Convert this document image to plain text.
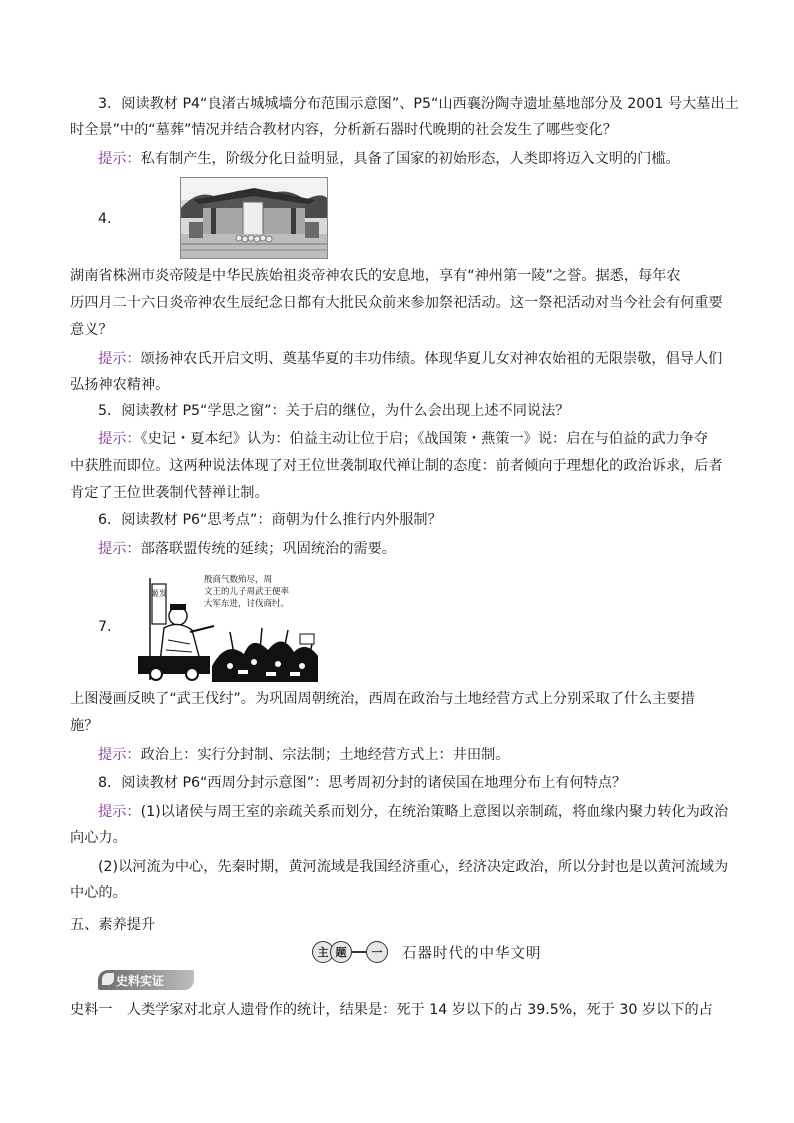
3．阅读教材 P4“良渚古城城墙分布范围示意图”、P5“山西襄汾陶寺遗址墓地部分及 2001 号大墓出土

时全景”中的“墓葬”情况并结合教材内容，分析新石器时代晚期的社会发生了哪些变化？

提示：私有制产生，阶级分化日益明显，具备了国家的初始形态，人类即将迈入文明的门槛。

4.

湖南省株洲市炎帝陵是中华民族始祖炎帝神农氏的安息地，享有“神州第一陵”之誉。据悉，每年农

历四月二十六日炎帝神农生辰纪念日都有大批民众前来参加祭祀活动。这一祭祀活动对当今社会有何重要

意义？

提示：颂扬神农氏开启文明、奠基华夏的丰功伟绩。体现华夏儿女对神农始祖的无限崇敬，倡导人们

弘扬神农精神。

5．阅读教材 P5“学思之窗”：关于启的继位，为什么会出现上述不同说法？

提示：《史记・夏本纪》认为：伯益主动让位于启；《战国策・燕策一》说：启在与伯益的武力争夺

中获胜而即位。这两种说法体现了对王位世袭制取代禅让制的态度：前者倾向于理想化的政治诉求，后者

肯定了王位世袭制代替禅让制。

6．阅读教材 P6“思考点”：商朝为什么推行内外服制？

提示：部落联盟传统的延续；巩固统治的需要。

7.

姬发
殷商气数殆尽，周
文王的儿子周武王便率
大军东进，讨伐商纣。

上图漫画反映了“武王伐纣”。为巩固周朝统治，西周在政治与土地经营方式上分别采取了什么主要措

施？

提示：政治上：实行分封制、宗法制；土地经营方式上：井田制。

8．阅读教材 P6“西周分封示意图”：思考周初分封的诸侯国在地理分布上有何特点？

提示：(1)以诸侯与周王室的亲疏关系而划分，在统治策略上意图以亲制疏，将血缘内聚力转化为政治

向心力。

(2)以河流为中心，先秦时期，黄河流域是我国经济重心，经济决定政治，所以分封也是以黄河流域为

中心的。

五、素养提升

主 题	一	石器时代的中华文明
史料实证

史料一　人类学家对北京人遗骨作的统计，结果是：死于 14 岁以下的占 39.5%，死于 30 岁以下的占
